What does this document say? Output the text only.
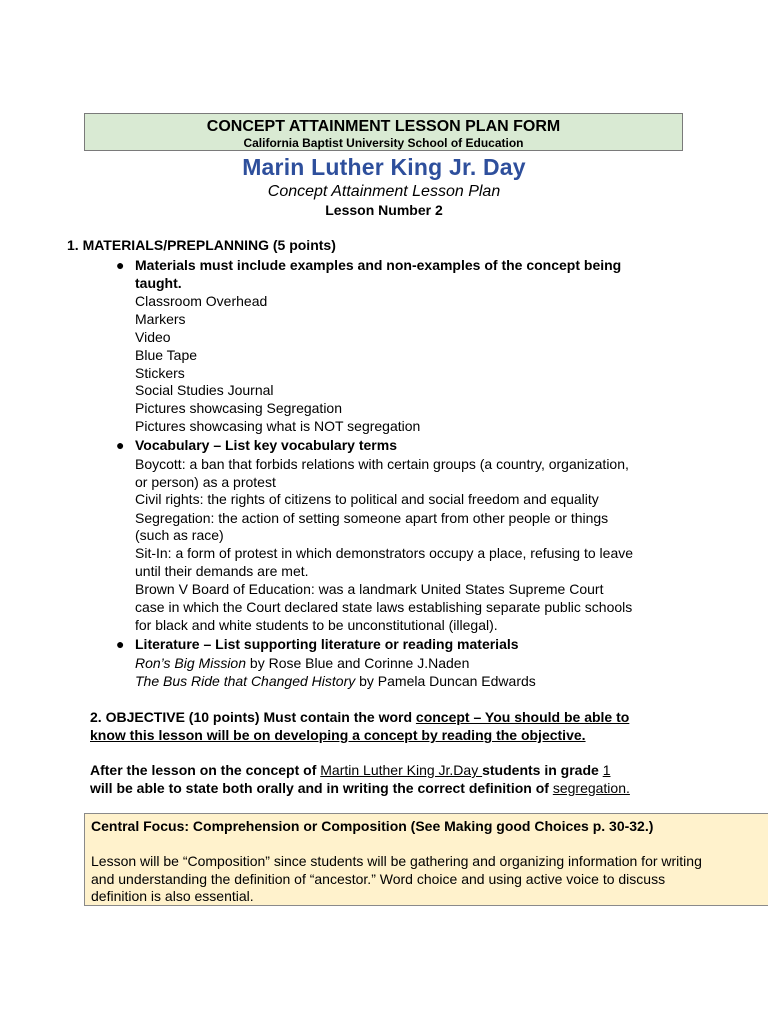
CONCEPT ATTAINMENT LESSON PLAN FORM
California Baptist University School of Education
Marin Luther King Jr. Day
Concept Attainment Lesson Plan
Lesson Number 2
1. MATERIALS/PREPLANNING (5 points)
● Materials must include examples and non-examples of the concept being
taught.
Classroom Overhead
Markers
Video
Blue Tape
Stickers
Social Studies Journal
Pictures showcasing Segregation
Pictures showcasing what is NOT segregation
● Vocabulary – List key vocabulary terms
Boycott: a ban that forbids relations with certain groups (a country, organization,
or person) as a protest
Civil rights: the rights of citizens to political and social freedom and equality
Segregation: the action of setting someone apart from other people or things
(such as race)
Sit-In: a form of protest in which demonstrators occupy a place, refusing to leave
until their demands are met.
Brown V Board of Education: was a landmark United States Supreme Court
case in which the Court declared state laws establishing separate public schools
for black and white students to be unconstitutional (illegal).
● Literature – List supporting literature or reading materials
Ron’s Big Mission by Rose Blue and Corinne J.Naden
The Bus Ride that Changed History by Pamela Duncan Edwards
2. OBJECTIVE (10 points) Must contain the word concept – You should be able to
know this lesson will be on developing a concept by reading the objective.
After the lesson on the concept of Martin Luther King Jr.Day students in grade 1
will be able to state both orally and in writing the correct definition of segregation.
Central Focus: Comprehension or Composition (See Making good Choices p. 30-32.)
Lesson will be “Composition” since students will be gathering and organizing information for writing
and understanding the definition of “ancestor.” Word choice and using active voice to discuss
definition is also essential.
